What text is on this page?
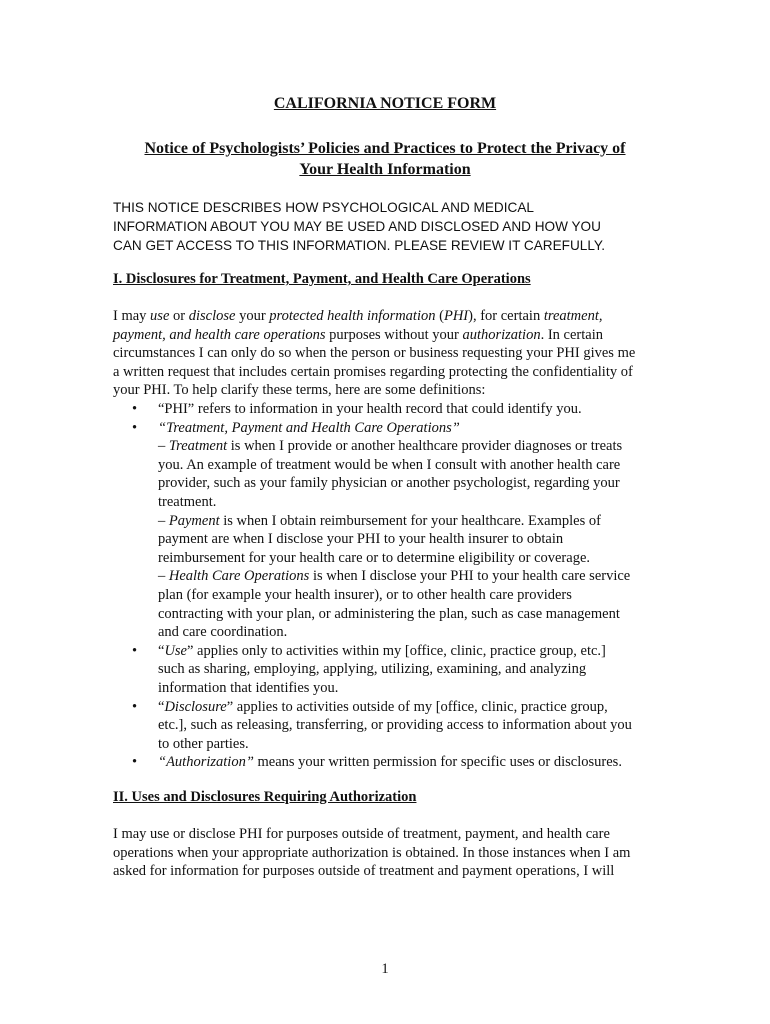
CALIFORNIA NOTICE FORM
Notice of Psychologists’ Policies and Practices to Protect the Privacy of
Your Health Information
THIS NOTICE DESCRIBES HOW PSYCHOLOGICAL AND MEDICAL
INFORMATION ABOUT YOU MAY BE USED AND DISCLOSED AND HOW YOU
CAN GET ACCESS TO THIS INFORMATION. PLEASE REVIEW IT CAREFULLY.
I. Disclosures for Treatment, Payment, and Health Care Operations
I may use or disclose your protected health information (PHI), for certain treatment,
payment, and health care operations purposes without your authorization. In certain
circumstances I can only do so when the person or business requesting your PHI gives me
a written request that includes certain promises regarding protecting the confidentiality of
your PHI. To help clarify these terms, here are some definitions:
• “PHI” refers to information in your health record that could identify you.
• “Treatment, Payment and Health Care Operations”
– Treatment is when I provide or another healthcare provider diagnoses or treats
you. An example of treatment would be when I consult with another health care
provider, such as your family physician or another psychologist, regarding your
treatment.
– Payment is when I obtain reimbursement for your healthcare. Examples of
payment are when I disclose your PHI to your health insurer to obtain
reimbursement for your health care or to determine eligibility or coverage.
– Health Care Operations is when I disclose your PHI to your health care service
plan (for example your health insurer), or to other health care providers
contracting with your plan, or administering the plan, such as case management
and care coordination.
• “Use” applies only to activities within my [office, clinic, practice group, etc.]
such as sharing, employing, applying, utilizing, examining, and analyzing
information that identifies you.
• “Disclosure” applies to activities outside of my [office, clinic, practice group,
etc.], such as releasing, transferring, or providing access to information about you
to other parties.
• “Authorization” means your written permission for specific uses or disclosures.
II. Uses and Disclosures Requiring Authorization
I may use or disclose PHI for purposes outside of treatment, payment, and health care
operations when your appropriate authorization is obtained. In those instances when I am
asked for information for purposes outside of treatment and payment operations, I will
1
